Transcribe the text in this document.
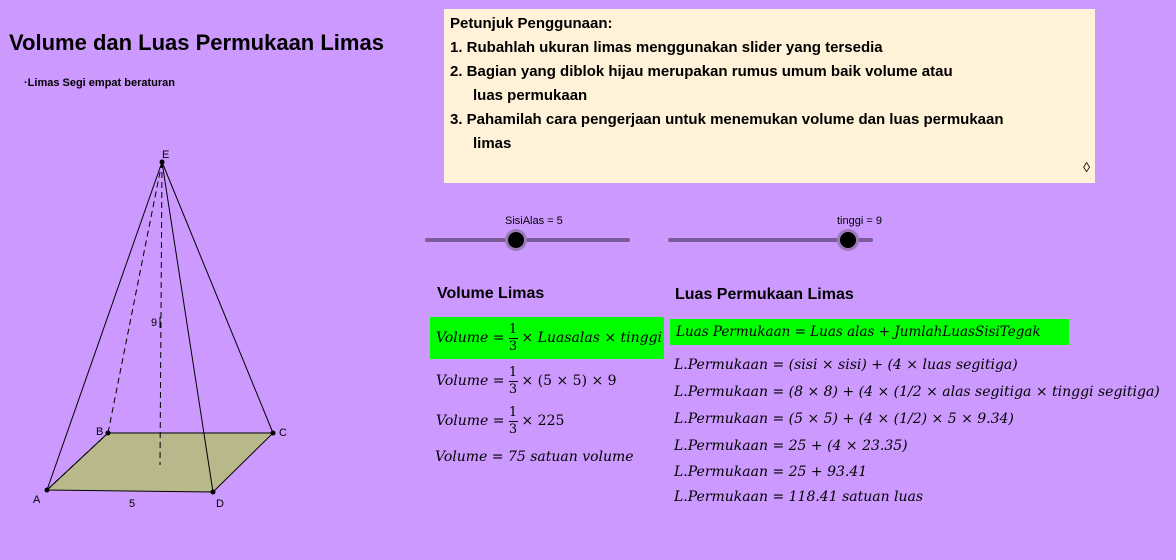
Volume dan Luas Permukaan Limas
·Limas Segi empat beraturan
E
A
B	C
D
9
5
Petunjuk Penggunaan:
1. Rubahlah ukuran limas menggunakan slider yang tersedia
2. Bagian yang diblok hijau merupakan rumus umum baik volume atau
luas permukaan
3. Pahamilah cara pengerjaan untuk menemukan volume dan luas permukaan
limas
◊
SisiAlas = 5	tinggi = 9
Volume Limas
Volume = $\frac{1}{3}$ × Luasalas × tinggi
Volume = $\frac{1}{3} \times (5 \times 5) \times 9$
Volume = $\frac{1}{3} \times 225$
Volume = 75 satuan volume
Luas Permukaan Limas
Luas Permukaan = Luas alas + JumlahLuasSisiTegak
L.Permukaan = (sisi × sisi) + (4 × luas segitiga)
L.Permukaan = (8 × 8) + (4 × (1/2 × alas segitiga × tinggi segitiga)
L.Permukaan = (5 × 5) + (4 × (1/2) × 5 × 9.34)
L.Permukaan = 25 + (4 × 23.35)
L.Permukaan = 25 + 93.41
L.Permukaan = 118.41 satuan luas
